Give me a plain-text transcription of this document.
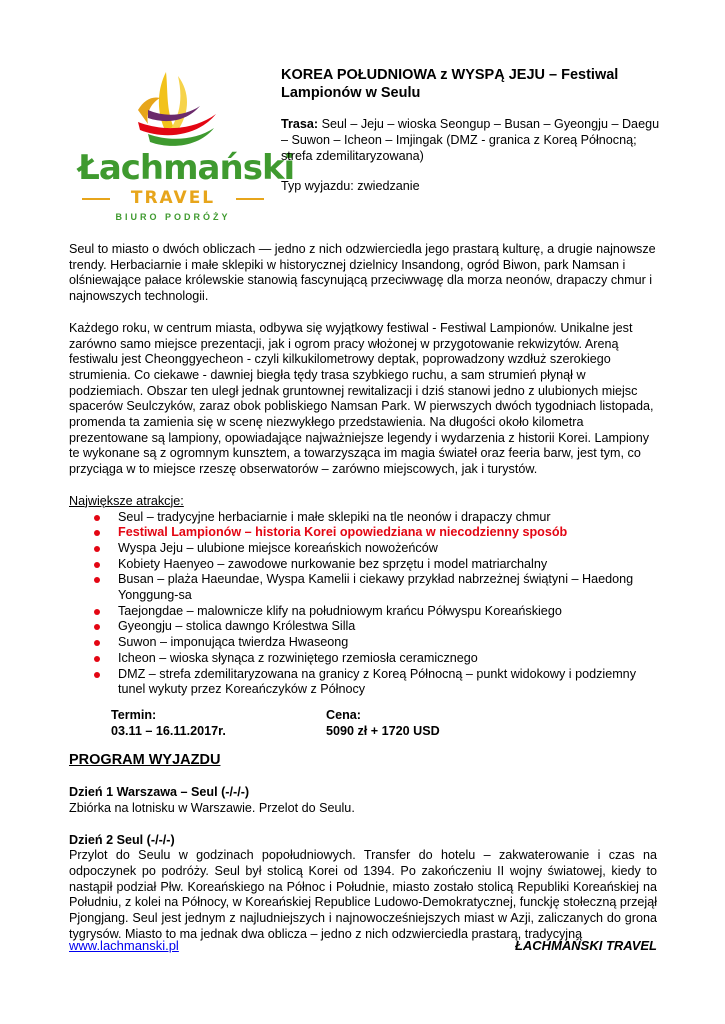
Łachmański
TRAVEL
BIURO PODRÓŻY

KOREA POŁUDNIOWA z WYSPĄ JEJU – Festiwal Lampionów w Seulu

Trasa: Seul – Jeju – wioska Seongup – Busan – Gyeongju – Daegu – Suwon – Icheon – Imjingak (DMZ - granica z Koreą Północną; strefa zdemilitaryzowana)

Typ wyjazdu: zwiedzanie

Seul to miasto o dwóch obliczach — jedno z nich odzwierciedla jego prastarą kulturę, a drugie najnowsze trendy. Herbaciarnie i małe sklepiki w historycznej dzielnicy Insandong, ogród Biwon, park Namsan i olśniewające pałace królewskie stanowią fascynującą przeciwwagę dla morza neonów, drapaczy chmur i najnowszych technologii.

Każdego roku, w centrum miasta, odbywa się wyjątkowy festiwal - Festiwal Lampionów. Unikalne jest zarówno samo miejsce prezentacji, jak i ogrom pracy włożonej w przygotowanie rekwizytów. Areną festiwalu jest Cheonggyecheon - czyli kilkukilometrowy deptak, poprowadzony wzdłuż szerokiego strumienia. Co ciekawe - dawniej biegła tędy trasa szybkiego ruchu, a sam strumień płynął w podziemiach. Obszar ten uległ jednak gruntownej rewitalizacji i dziś stanowi jedno z ulubionych miejsc spacerów Seulczyków, zaraz obok pobliskiego Namsan Park. W pierwszych dwóch tygodniach listopada, promenda ta zamienia się w scenę niezwykłego przedstawienia. Na długości około kilometra prezentowane są lampiony, opowiadające najważniejsze legendy i wydarzenia z historii Korei. Lampiony te wykonane są z ogromnym kunsztem, a towarzysząca im magia świateł oraz feeria barw, jest tym, co przyciąga w to miejsce rzeszę obserwatorów – zarówno miejscowych, jak i turystów.

Największe atrakcje:

Seul – tradycyjne herbaciarnie i małe sklepiki na tle neonów i drapaczy chmur
Festiwal Lampionów – historia Korei opowiedziana w niecodzienny sposób
Wyspa Jeju – ulubione miejsce koreańskich nowożeńców
Kobiety Haenyeo – zawodowe nurkowanie bez sprzętu i model matriarchalny
Busan – plaża Haeundae, Wyspa Kamelii i ciekawy przykład nabrzeżnej świątyni – Haedong Yonggung-sa
Taejongdae – malownicze klify na południowym krańcu Półwyspu Koreańskiego
Gyeongju – stolica dawngo Królestwa Silla
Suwon – imponująca twierdza Hwaseong
Icheon – wioska słynąca z rozwiniętego rzemiosła ceramicznego
DMZ – strefa zdemilitaryzowana na granicy z Koreą Północną – punkt widokowy i podziemny tunel wykuty przez Koreańczyków z Północy
Termin:
03.11 – 16.11.2017r.
Cena:
5090 zł + 1720 USD

PROGRAM WYJAZDU

Dzień 1 Warszawa – Seul (-/-/-)

Zbiórka na lotnisku w Warszawie. Przelot do Seulu.

Dzień 2 Seul (-/-/-)

Przylot do Seulu w godzinach popołudniowych. Transfer do hotelu – zakwaterowanie i czas na odpoczynek po podróży. Seul był stolicą Korei od 1394. Po zakończeniu II wojny światowej, kiedy to nastąpił podział Płw. Koreańskiego na Północ i Południe, miasto zostało stolicą Republiki Koreańskiej na Południu, z kolei na Północy, w Koreańskiej Republice Ludowo-Demokratycznej, funckję stołeczną przejął Pjongjang. Seul jest jednym z najludniejszych i najnowocześniejszych miast w Azji, zaliczanych do grona tygrysów. Miasto to ma jednak dwa oblicza – jedno z nich odzwierciedla prastarą, tradycyjną

www.lachmanski.pl	ŁACHMAŃSKI TRAVEL
